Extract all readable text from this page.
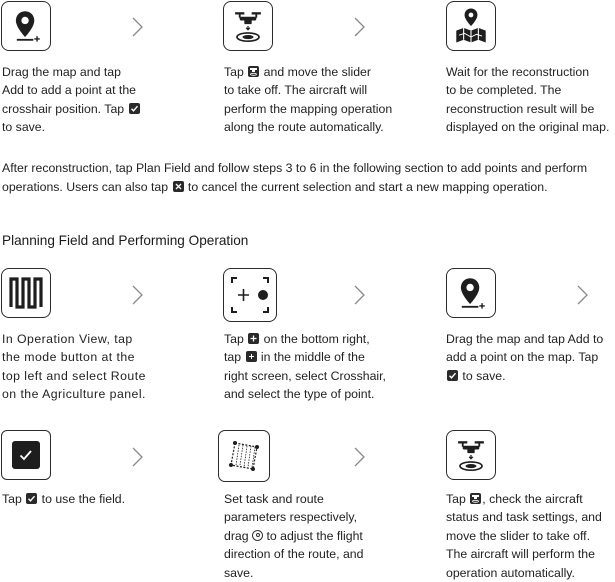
Drag the map and tap
Add to add a point at the
crosshair position. Tap
to save.
Tap
and move the slider
to take off. The aircraft will
perform the mapping operation
along the route automatically.
Wait for the reconstruction
to be completed. The
reconstruction result will be
displayed on the original map.
After reconstruction, tap Plan Field and follow steps 3 to 6 in the following section to add points and perform
operations. Users can also tap
to cancel the current selection and start a new mapping operation.
Planning Field and Performing Operation
In Operation View, tap
the mode button at the
top left and select Route
on the Agriculture panel.
Tap
on the bottom right,
tap
in the middle of the
right screen, select Crosshair,
and select the type of point.
Drag the map and tap Add to
add a point on the map. Tap
to save.
Tap
to use the field.	Set task and route
parameters respectively,
drag
to adjust the flight
direction of the route, and
save.
Tap
, check the aircraft
status and task settings, and
move the slider to take off.
The aircraft will perform the
operation automatically.
